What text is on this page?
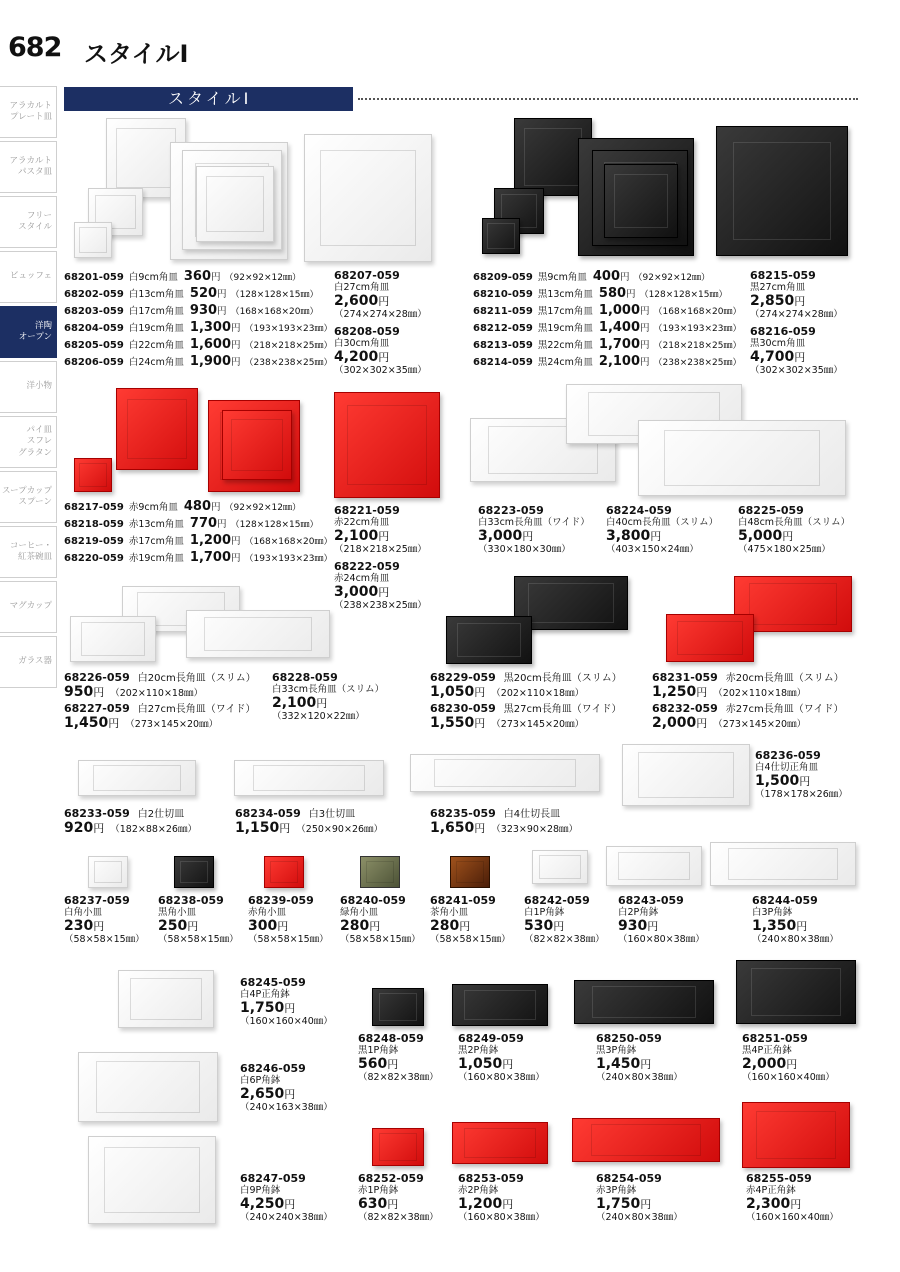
682 スタイルⅠ
アラカルト
プレート皿
アラカルト
パスタ皿
フリー
スタイル
ビュッフェ
洋陶
オープン
洋小物
パイ皿
スフレ
グラタン
スープカップ
スプーン
コーヒー・
紅茶碗皿
マグカップ
ガラス器
スタイルⅠ
68201-059 白9cm角皿 360円 （92×92×12㎜）
68202-059 白13cm角皿 520円 （128×128×15㎜）
68203-059 白17cm角皿 930円 （168×168×20㎜）
68204-059 白19cm角皿 1,300円 （193×193×23㎜）
68205-059 白22cm角皿 1,600円 （218×218×25㎜）
68206-059 白24cm角皿 1,900円 （238×238×25㎜）
68209-059 黒9cm角皿 400円 （92×92×12㎜）
68210-059 黒13cm角皿 580円 （128×128×15㎜）
68211-059 黒17cm角皿 1,000円 （168×168×20㎜）
68212-059 黒19cm角皿 1,400円 （193×193×23㎜）
68213-059 黒22cm角皿 1,700円 （218×218×25㎜）
68214-059 黒24cm角皿 2,100円 （238×238×25㎜）
68217-059 赤9cm角皿 480円 （92×92×12㎜）
68218-059 赤13cm角皿 770円 （128×128×15㎜）
68219-059 赤17cm角皿 1,200円 （168×168×20㎜）
68220-059 赤19cm角皿 1,700円 （193×193×23㎜）
68207-059
白27cm角皿
2,600円
（274×274×28㎜）
68208-059
白30cm角皿
4,200円
（302×302×35㎜）
68215-059
黒27cm角皿
2,850円
（274×274×28㎜）
68216-059
黒30cm角皿
4,700円
（302×302×35㎜）
68221-059
赤22cm角皿
2,100円
（218×218×25㎜）
68222-059
赤24cm角皿
3,000円
（238×238×25㎜）
68223-059
白33cm長角皿（ワイド）
3,000円
（330×180×30㎜）
68224-059
白40cm長角皿（スリム）
3,800円
（403×150×24㎜）
68225-059
白48cm長角皿（スリム）
5,000円
（475×180×25㎜）
68226-059 白20cm長角皿（スリム）
950円 （202×110×18㎜）
68227-059 白27cm長角皿（ワイド）
1,450円 （273×145×20㎜）
68228-059
白33cm長角皿（スリム）
2,100円
（332×120×22㎜）
68229-059 黒20cm長角皿（スリム）
1,050円 （202×110×18㎜）
68230-059 黒27cm長角皿（ワイド）
1,550円 （273×145×20㎜）
68231-059 赤20cm長角皿（スリム）
1,250円 （202×110×18㎜）
68232-059 赤27cm長角皿（ワイド）
2,000円 （273×145×20㎜）
68233-059 白2仕切皿
920円 （182×88×26㎜）
68234-059 白3仕切皿
1,150円 （250×90×26㎜）
68235-059 白4仕切長皿
1,650円 （323×90×28㎜）
68236-059
白4仕切正角皿
1,500円
（178×178×26㎜）
68237-059
白角小皿
230円
（58×58×15㎜）
68238-059
黒角小皿
250円
（58×58×15㎜）
68239-059
赤角小皿
300円
（58×58×15㎜）
68240-059
緑角小皿
280円
（58×58×15㎜）
68241-059
茶角小皿
280円
（58×58×15㎜）
68242-059
白1P角鉢
530円
（82×82×38㎜）
68243-059
白2P角鉢
930円
（160×80×38㎜）
68244-059
白3P角鉢
1,350円
（240×80×38㎜）
68245-059
白4P正角鉢
1,750円
（160×160×40㎜）
68246-059
白6P角鉢
2,650円
（240×163×38㎜）
68247-059
白9P角鉢
4,250円
（240×240×38㎜）
68248-059
黒1P角鉢
560円
（82×82×38㎜）
68249-059
黒2P角鉢
1,050円
（160×80×38㎜）
68250-059
黒3P角鉢
1,450円
（240×80×38㎜）
68251-059
黒4P正角鉢
2,000円
（160×160×40㎜）
68252-059
赤1P角鉢
630円
（82×82×38㎜）
68253-059
赤2P角鉢
1,200円
（160×80×38㎜）
68254-059
赤3P角鉢
1,750円
（240×80×38㎜）
68255-059
赤4P正角鉢
2,300円
（160×160×40㎜）
